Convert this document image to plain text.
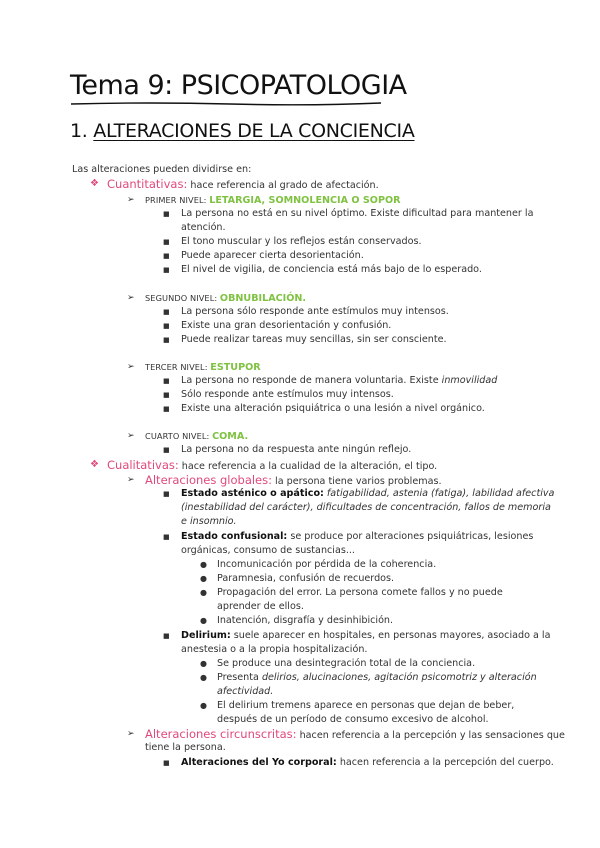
Tema 9: PSICOPATOLOGIA
1. ALTERACIONES DE LA CONCIENCIA
Las alteraciones pueden dividirse en:
❖ Cuantitativas: hace referencia al grado de afectación.
➢ PRIMER NIVEL: LETARGIA, SOMNOLENCIA O SOPOR
■ La persona no está en su nivel óptimo. Existe dificultad para mantener la
atención.
■ El tono muscular y los reflejos están conservados.
■ Puede aparecer cierta desorientación.
■ El nivel de vigilia, de conciencia está más bajo de lo esperado.
➢ SEGUNDO NIVEL: OBNUBILACIÓN.
■ La persona sólo responde ante estímulos muy intensos.
■ Existe una gran desorientación y confusión.
■ Puede realizar tareas muy sencillas, sin ser consciente.
➢ TERCER NIVEL: ESTUPOR
■ La persona no responde de manera voluntaria. Existe inmovilidad
■ Sólo responde ante estímulos muy intensos.
■ Existe una alteración psiquiátrica o una lesión a nivel orgánico.
➢ CUARTO NIVEL: COMA.
■ La persona no da respuesta ante ningún reflejo.
❖ Cualitativas: hace referencia a la cualidad de la alteración, el tipo.
➢ Alteraciones globales: la persona tiene varios problemas.
■ Estado asténico o apático: fatigabilidad, astenia (fatiga), labilidad afectiva
(inestabilidad del carácter), dificultades de concentración, fallos de memoria
e insomnio.
■ Estado confusional: se produce por alteraciones psiquiátricas, lesiones
orgánicas, consumo de sustancias...
● Incomunicación por pérdida de la coherencia.
● Paramnesia, confusión de recuerdos.
● Propagación del error. La persona comete fallos y no puede
aprender de ellos.
● Inatención, disgrafía y desinhibición.
■ Delirium: suele aparecer en hospitales, en personas mayores, asociado a la
anestesia o a la propia hospitalización.
● Se produce una desintegración total de la conciencia.
● Presenta delirios, alucinaciones, agitación psicomotriz y alteración
afectividad.
● El delirium tremens aparece en personas que dejan de beber,
después de un período de consumo excesivo de alcohol.
➢ Alteraciones circunscritas: hacen referencia a la percepción y las sensaciones que
tiene la persona.
■ Alteraciones del Yo corporal: hacen referencia a la percepción del cuerpo.
